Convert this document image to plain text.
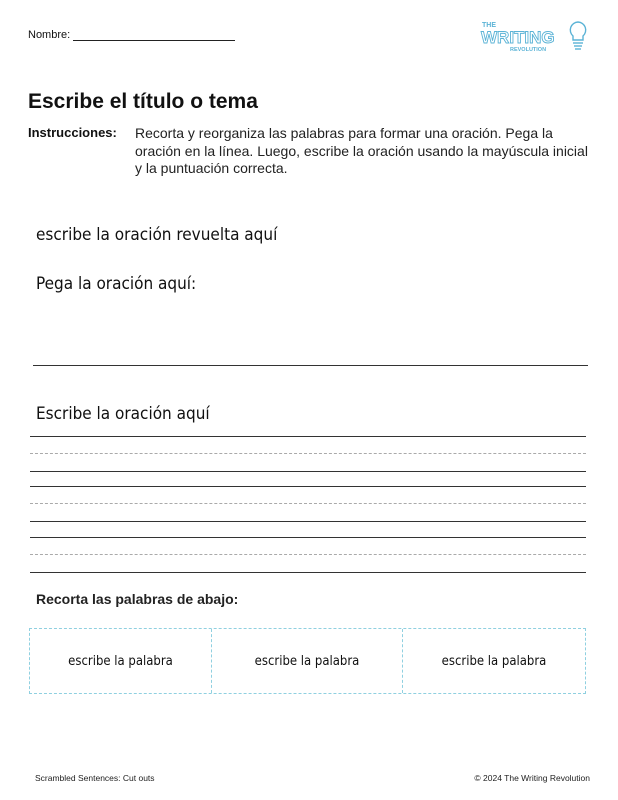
Nombre:
THE
WRITING
REVOLUTION
Escribe el título o tema
Instrucciones: Recorta y reorganiza las palabras para formar una oración. Pega la oración en la línea. Luego, escribe la oración usando la mayúscula inicial y la puntuación correcta.
escribe la oración revuelta aquí
Pega la oración aquí:
Escribe la oración aquí
Recorta las palabras de abajo:
escribe la palabra	escribe la palabra	escribe la palabra
Scrambled Sentences: Cut outs	© 2024 The Writing Revolution
